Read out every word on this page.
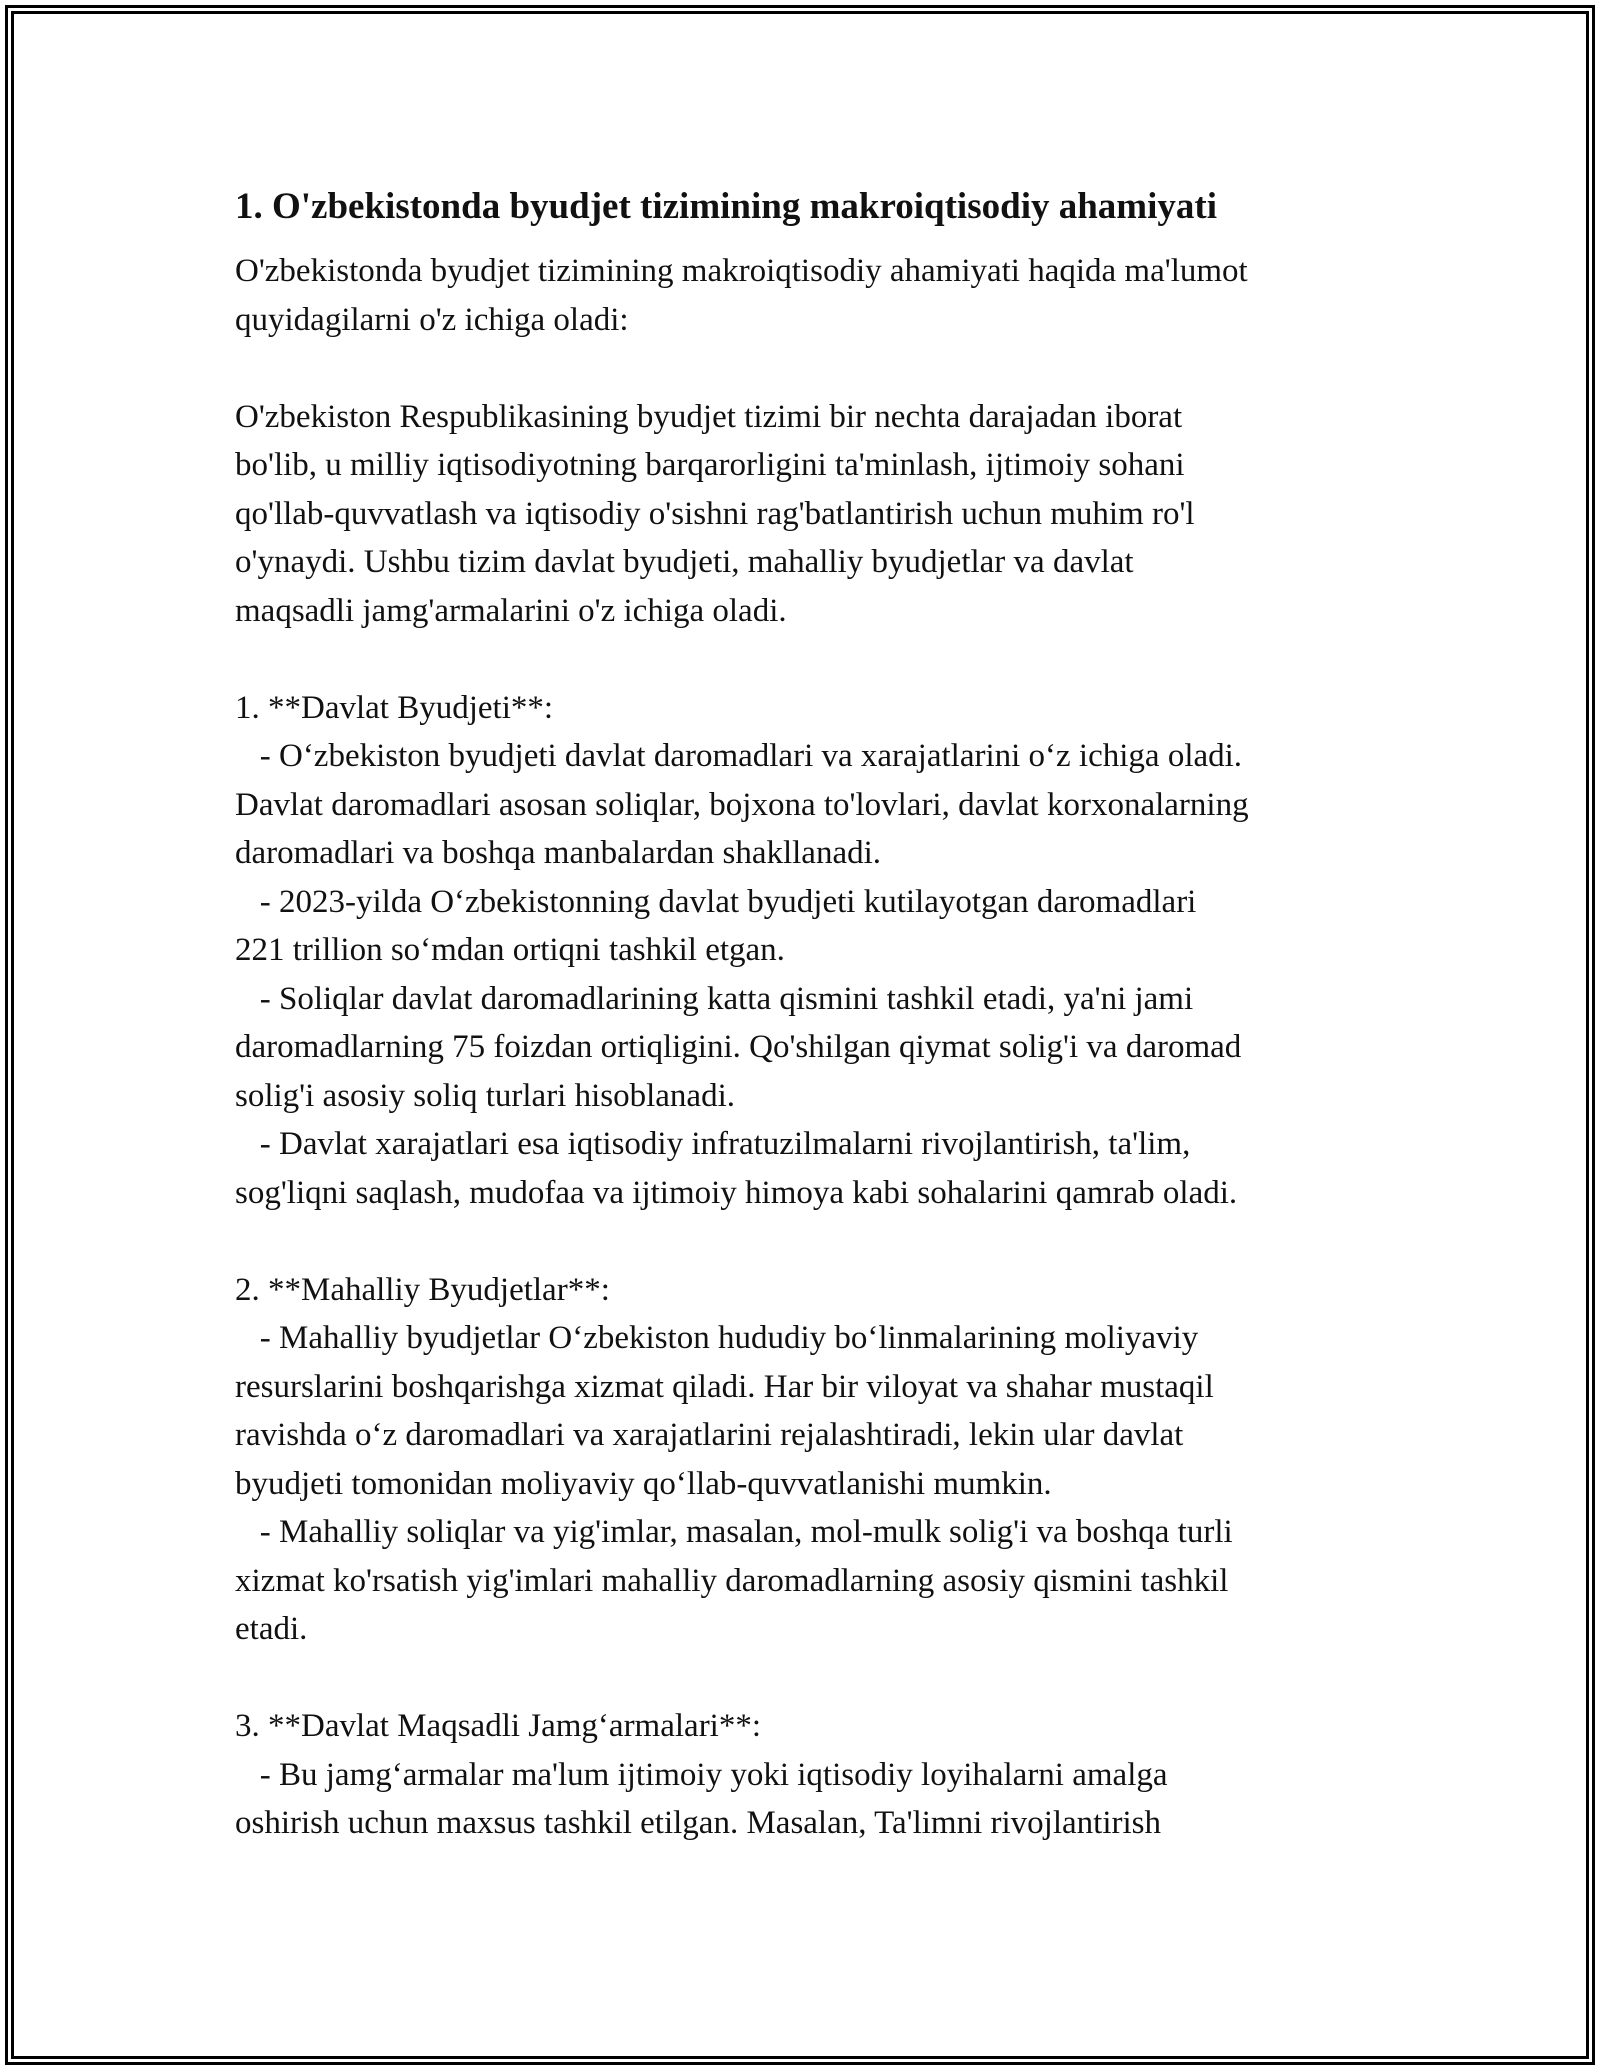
1. O'zbekistonda byudjet tizimining makroiqtisodiy ahamiyati
O'zbekistonda byudjet tizimining makroiqtisodiy ahamiyati haqida ma'lumot
quyidagilarni o'z ichiga oladi:

O'zbekiston Respublikasining byudjet tizimi bir nechta darajadan iborat
bo'lib, u milliy iqtisodiyotning barqarorligini ta'minlash, ijtimoiy sohani
qo'llab-quvvatlash va iqtisodiy o'sishni rag'batlantirish uchun muhim ro'l
o'ynaydi. Ushbu tizim davlat byudjeti, mahalliy byudjetlar va davlat
maqsadli jamg'armalarini o'z ichiga oladi.

1. **Davlat Byudjeti**:
- O‘zbekiston byudjeti davlat daromadlari va xarajatlarini o‘z ichiga oladi.
Davlat daromadlari asosan soliqlar, bojxona to'lovlari, davlat korxonalarning
daromadlari va boshqa manbalardan shakllanadi.
- 2023-yilda O‘zbekistonning davlat byudjeti kutilayotgan daromadlari
221 trillion so‘mdan ortiqni tashkil etgan.
- Soliqlar davlat daromadlarining katta qismini tashkil etadi, ya'ni jami
daromadlarning 75 foizdan ortiqligini. Qo'shilgan qiymat solig'i va daromad
solig'i asosiy soliq turlari hisoblanadi.
- Davlat xarajatlari esa iqtisodiy infratuzilmalarni rivojlantirish, ta'lim,
sog'liqni saqlash, mudofaa va ijtimoiy himoya kabi sohalarini qamrab oladi.

2. **Mahalliy Byudjetlar**:
- Mahalliy byudjetlar O‘zbekiston hududiy bo‘linmalarining moliyaviy
resurslarini boshqarishga xizmat qiladi. Har bir viloyat va shahar mustaqil
ravishda o‘z daromadlari va xarajatlarini rejalashtiradi, lekin ular davlat
byudjeti tomonidan moliyaviy qo‘llab-quvvatlanishi mumkin.
- Mahalliy soliqlar va yig'imlar, masalan, mol-mulk solig'i va boshqa turli
xizmat ko'rsatish yig'imlari mahalliy daromadlarning asosiy qismini tashkil
etadi.

3. **Davlat Maqsadli Jamg‘armalari**:
- Bu jamg‘armalar ma'lum ijtimoiy yoki iqtisodiy loyihalarni amalga
oshirish uchun maxsus tashkil etilgan. Masalan, Ta'limni rivojlantirish
